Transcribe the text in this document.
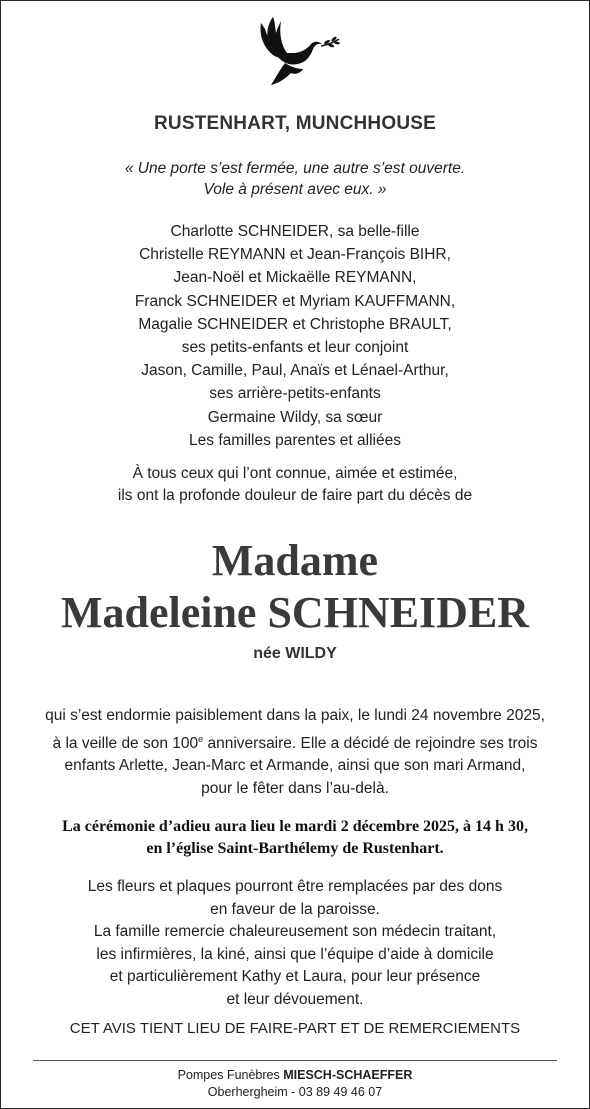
RUSTENHART, MUNCHHOUSE
« Une porte s’est fermée, une autre s’est ouverte.
Vole à présent avec eux. »
Charlotte SCHNEIDER, sa belle-fille
Christelle REYMANN et Jean-François BIHR,
Jean-Noël et Mickaëlle REYMANN,
Franck SCHNEIDER et Myriam KAUFFMANN,
Magalie SCHNEIDER et Christophe BRAULT,
ses petits-enfants et leur conjoint
Jason, Camille, Paul, Anaïs et Lénael-Arthur,
ses arrière-petits-enfants
Germaine Wildy, sa sœur
Les familles parentes et alliées
À tous ceux qui l’ont connue, aimée et estimée,
ils ont la profonde douleur de faire part du décès de
Madame
Madeleine SCHNEIDER
née WILDY
qui s’est endormie paisiblement dans la paix, le lundi 24 novembre 2025,
à la veille de son 100e anniversaire. Elle a décidé de rejoindre ses trois
enfants Arlette, Jean-Marc et Armande, ainsi que son mari Armand,
pour le fêter dans l’au-delà.
La cérémonie d’adieu aura lieu le mardi 2 décembre 2025, à 14 h 30,
en l’église Saint-Barthélemy de Rustenhart.
Les fleurs et plaques pourront être remplacées par des dons
en faveur de la paroisse.
La famille remercie chaleureusement son médecin traitant,
les infirmières, la kiné, ainsi que l’équipe d’aide à domicile
et particulièrement Kathy et Laura, pour leur présence
et leur dévouement.
CET AVIS TIENT LIEU DE FAIRE-PART ET DE REMERCIEMENTS
Pompes Funèbres MIESCH-SCHAEFFER
Oberhergheim - 03 89 49 46 07
